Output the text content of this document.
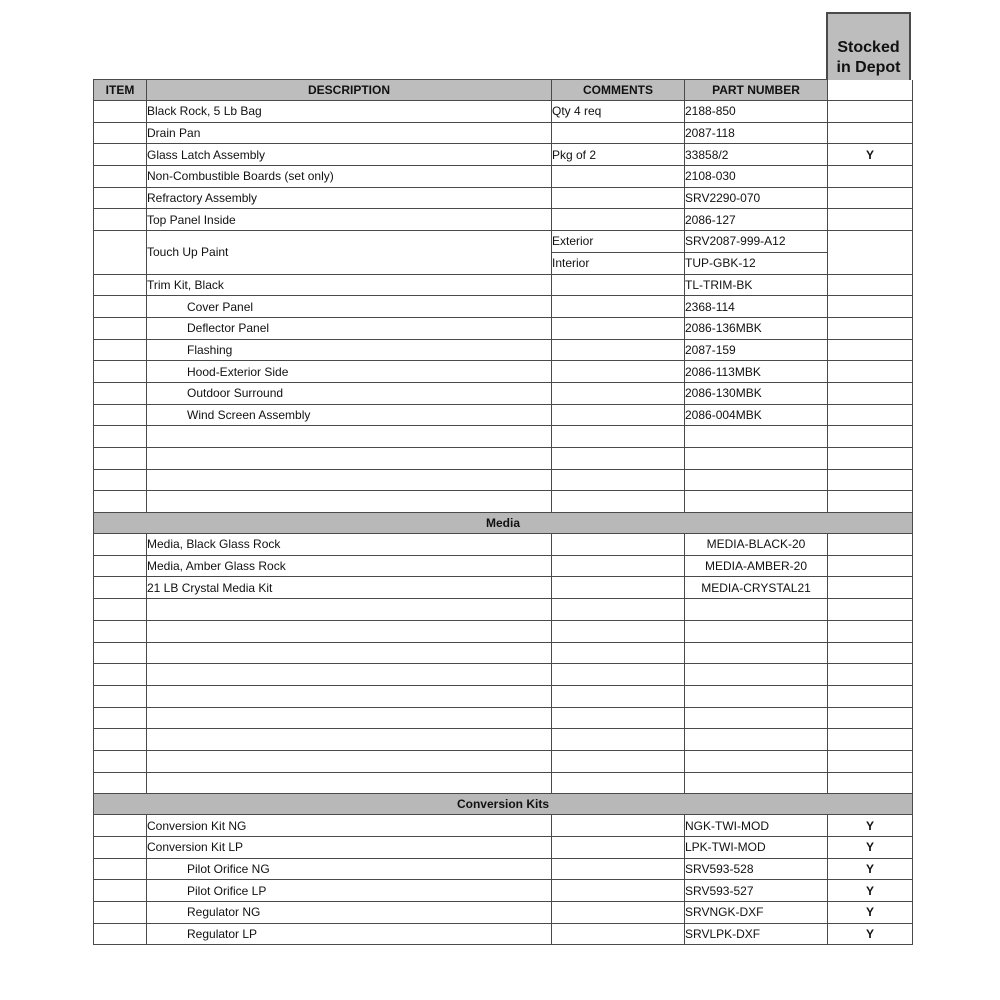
Stocked
in Depot
ITEM	DESCRIPTION	COMMENTS	PART NUMBER	
	Black Rock, 5 Lb Bag	Qty 4 req	2188-850	
	Drain Pan		2087-118	
	Glass Latch Assembly	Pkg of 2	33858/2	Y
	Non-Combustible Boards (set only)		2108-030	
	Refractory Assembly		SRV2290-070	
	Top Panel Inside		2086-127	
	Touch Up Paint	Exterior	SRV2087-999-A12	
		Interior	TUP-GBK-12	
	Trim Kit, Black		TL-TRIM-BK	
	Cover Panel		2368-114	
	Deflector Panel		2086-136MBK	
	Flashing		2087-159	
	Hood-Exterior Side		2086-113MBK	
	Outdoor Surround		2086-130MBK	
	Wind Screen Assembly		2086-004MBK	

Media				
	Media, Black Glass Rock		MEDIA-BLACK-20	
	Media, Amber Glass Rock		MEDIA-AMBER-20	
	21 LB Crystal Media Kit		MEDIA-CRYSTAL21	

Conversion Kits				
	Conversion Kit NG		NGK-TWI-MOD	Y
	Conversion Kit LP		LPK-TWI-MOD	Y
	Pilot Orifice NG		SRV593-528	Y
	Pilot Orifice LP		SRV593-527	Y
	Regulator NG		SRVNGK-DXF	Y
	Regulator LP		SRVLPK-DXF	Y
